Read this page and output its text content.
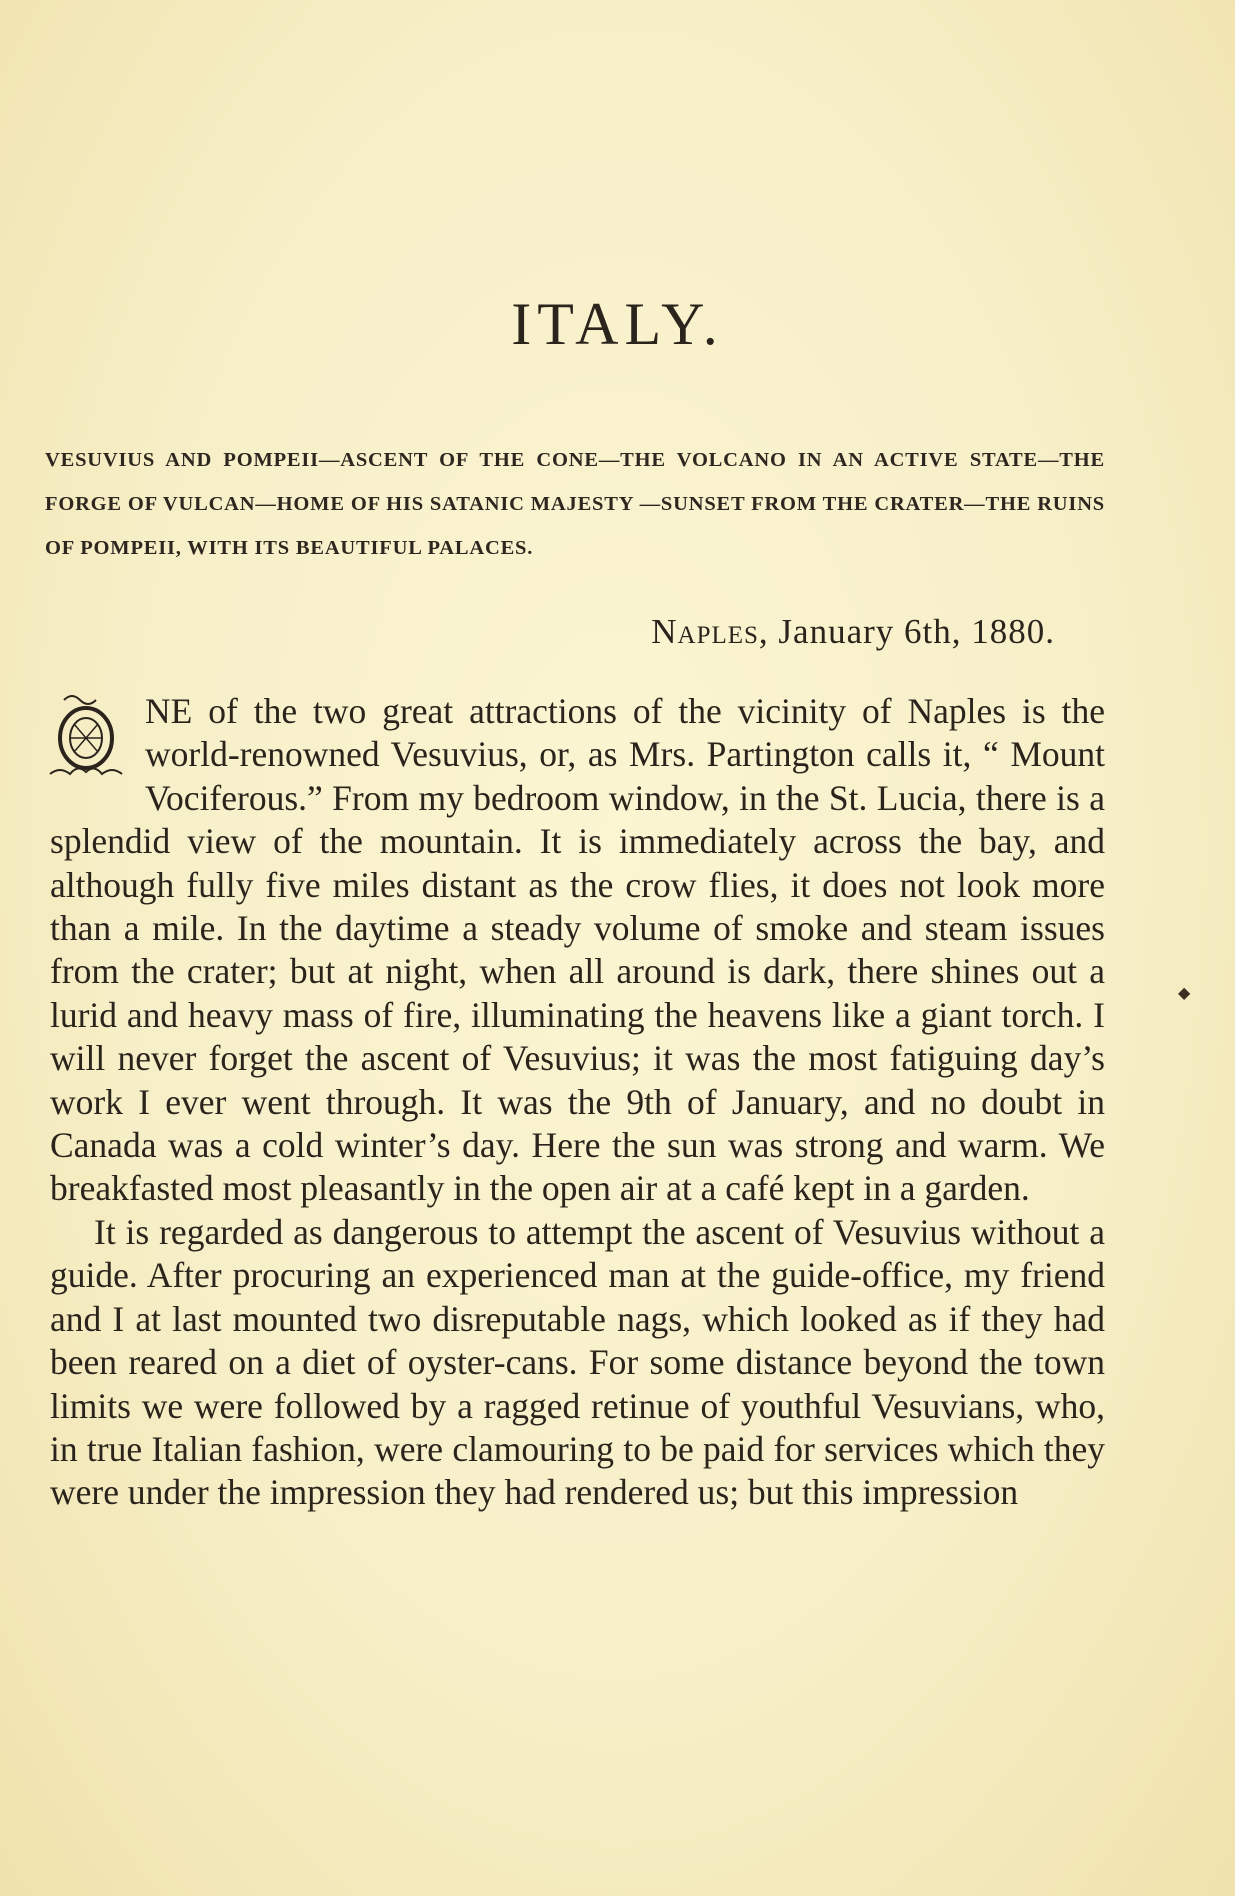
ITALY.
VESUVIUS AND POMPEII—ASCENT OF THE CONE—THE VOLCANO IN AN ACTIVE STATE—THE FORGE OF VULCAN—HOME OF HIS SATANIC MAJESTY —SUNSET FROM THE CRATER—THE RUINS OF POMPEII, WITH ITS BEAUTIFUL PALACES.
Naples, January 6th, 1880.

NE of the two great attractions of the vicinity of Naples is the world-renowned Vesuvius, or, as Mrs. Partington calls it, “ Mount Vociferous.” From my bedroom window, in the St. Lucia, there is a splendid view of the mountain. It is immediately across the bay, and although fully five miles distant as the crow flies, it does not look more than a mile. In the daytime a steady volume of smoke and steam issues from the crater; but at night, when all around is dark, there shines out a lurid and heavy mass of fire, illuminating the heavens like a giant torch. I will never forget the ascent of Vesuvius; it was the most fatiguing day’s work I ever went through. It was the 9th of January, and no doubt in Canada was a cold winter’s day. Here the sun was strong and warm. We breakfasted most pleasantly in the open air at a café kept in a garden.

It is regarded as dangerous to attempt the ascent of Vesuvius without a guide. After procuring an experienced man at the guide-office, my friend and I at last mounted two disreputable nags, which looked as if they had been reared on a diet of oyster-cans. For some distance beyond the town limits we were followed by a ragged retinue of youthful Vesuvians, who, in true Italian fashion, were clamouring to be paid for services which they were under the impression they had rendered us; but this impression

◆
